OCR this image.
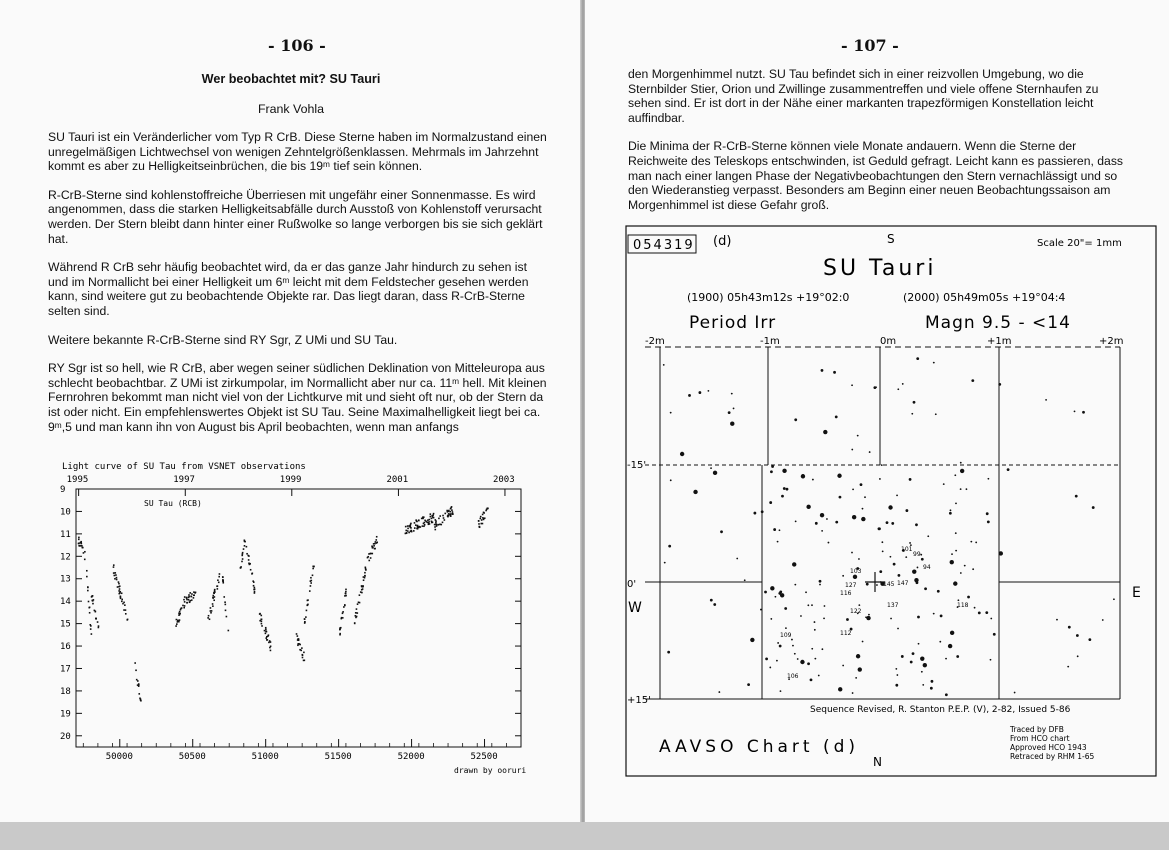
- 106 -
Wer beobachtet mit? SU Tauri
Frank Vohla

SU Tauri ist ein Veränderlicher vom Typ R CrB. Diese Sterne haben im Normalzustand einen unregelmäßigen Lichtwechsel von wenigen Zehntelgrößenklassen. Mehrmals im Jahrzehnt kommt es aber zu Helligkeitseinbrüchen, die bis 19ᵐ tief sein können.

R-CrB-Sterne sind kohlenstoffreiche Überriesen mit ungefähr einer Sonnenmasse. Es wird angenommen, dass die starken Helligkeitsabfälle durch Ausstoß von Kohlenstoff verursacht werden. Der Stern bleibt dann hinter einer Rußwolke so lange verborgen bis sie sich geklärt hat.

Während R CrB sehr häufig beobachtet wird, da er das ganze Jahr hindurch zu sehen ist und im Normallicht bei einer Helligkeit um 6ᵐ leicht mit dem Feldstecher gesehen werden kann, sind weitere gut zu beobachtende Objekte rar. Das liegt daran, dass R-CrB-Sterne selten sind.

Weitere bekannte R-CrB-Sterne sind RY Sgr, Z UMi und SU Tau.

RY Sgr ist so hell, wie R CrB, aber wegen seiner südlichen Deklination von Mitteleuropa aus schlecht beobachtbar. Z UMi ist zirkumpolar, im Normallicht aber nur ca. 11ᵐ hell. Mit kleinen Fernrohren bekommt man nicht viel von der Lichtkurve mit und sieht oft nur, ob der Stern da ist oder nicht. Ein empfehlenswertes Objekt ist SU Tau. Seine Maximalhelligkeit liegt bei ca. 9ᵐ,5 und man kann ihn von August bis April beobachten, wenn man anfangs

Light curve of SU Tau from VSNET observations
1995	1997	1999	2001	2003
50000	50500	51000	51500	52000	52500
9
10
11
12
13
14
15
16
17
18
19
20
SU Tau (RCB)
drawn by ooruri
- 107 -

den Morgenhimmel nutzt. SU Tau befindet sich in einer reizvollen Umgebung, wo die Sternbilder Stier, Orion und Zwillinge zusammentreffen und viele offene Sternhaufen zu sehen sind. Er ist dort in der Nähe einer markanten trapezförmigen Konstellation leicht auffindbar.

Die Minima der R-CrB-Sterne können viele Monate andauern. Wenn die Sterne der Reichweite des Teleskops entschwinden, ist Geduld gefragt. Leicht kann es passieren, dass man nach einer langen Phase der Negativbeobachtungen den Stern vernachlässigt und so den Wiederanstieg verpasst. Besonders am Beginn einer neuen Beobachtungssaison am Morgenhimmel ist diese Gefahr groß.

054319 (d)	S	Scale 20"= 1mm
SU Tauri
(1900) 05h43m12s +19°02:0	(2000) 05h49m05s +19°04:4
Period Irr	Magn 9.5 - <14
-2m	-1m	0m	+1m	+2m
-15'
0'
+15'
101
103
99
94
112
106
109
116
118
122
127
137
145 147
W
E
Sequence Revised, R. Stanton P.E.P. (V), 2-82, Issued 5-86
AAVSO Chart (d)
N
Traced by DFB
From HCO chart
Approved HCO 1943
Retraced by RHM 1-65
